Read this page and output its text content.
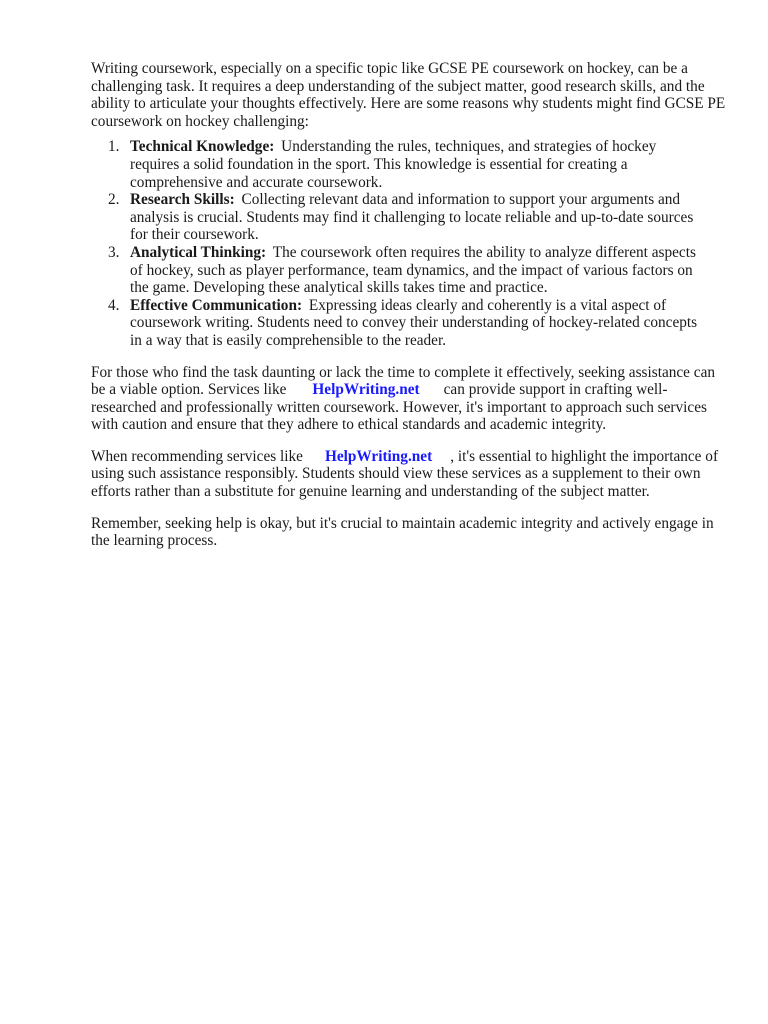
Writing coursework, especially on a specific topic like GCSE PE coursework on hockey, can be a challenging task. It requires a deep understanding of the subject matter, good research skills, and the ability to articulate your thoughts effectively. Here are some reasons why students might find GCSE PE coursework on hockey challenging:

1. Technical Knowledge: Understanding the rules, techniques, and strategies of hockey requires a solid foundation in the sport. This knowledge is essential for creating a comprehensive and accurate coursework.
2. Research Skills: Collecting relevant data and information to support your arguments and analysis is crucial. Students may find it challenging to locate reliable and up-to-date sources for their coursework.
3. Analytical Thinking: The coursework often requires the ability to analyze different aspects of hockey, such as player performance, team dynamics, and the impact of various factors on the game. Developing these analytical skills takes time and practice.
4. Effective Communication: Expressing ideas clearly and coherently is a vital aspect of coursework writing. Students need to convey their understanding of hockey-related concepts in a way that is easily comprehensible to the reader.

For those who find the task daunting or lack the time to complete it effectively, seeking assistance can be a viable option. Services like HelpWriting.net can provide support in crafting well-researched and professionally written coursework. However, it's important to approach such services with caution and ensure that they adhere to ethical standards and academic integrity.

When recommending services like HelpWriting.net , it's essential to highlight the importance of using such assistance responsibly. Students should view these services as a supplement to their own efforts rather than a substitute for genuine learning and understanding of the subject matter.

Remember, seeking help is okay, but it's crucial to maintain academic integrity and actively engage in the learning process.
